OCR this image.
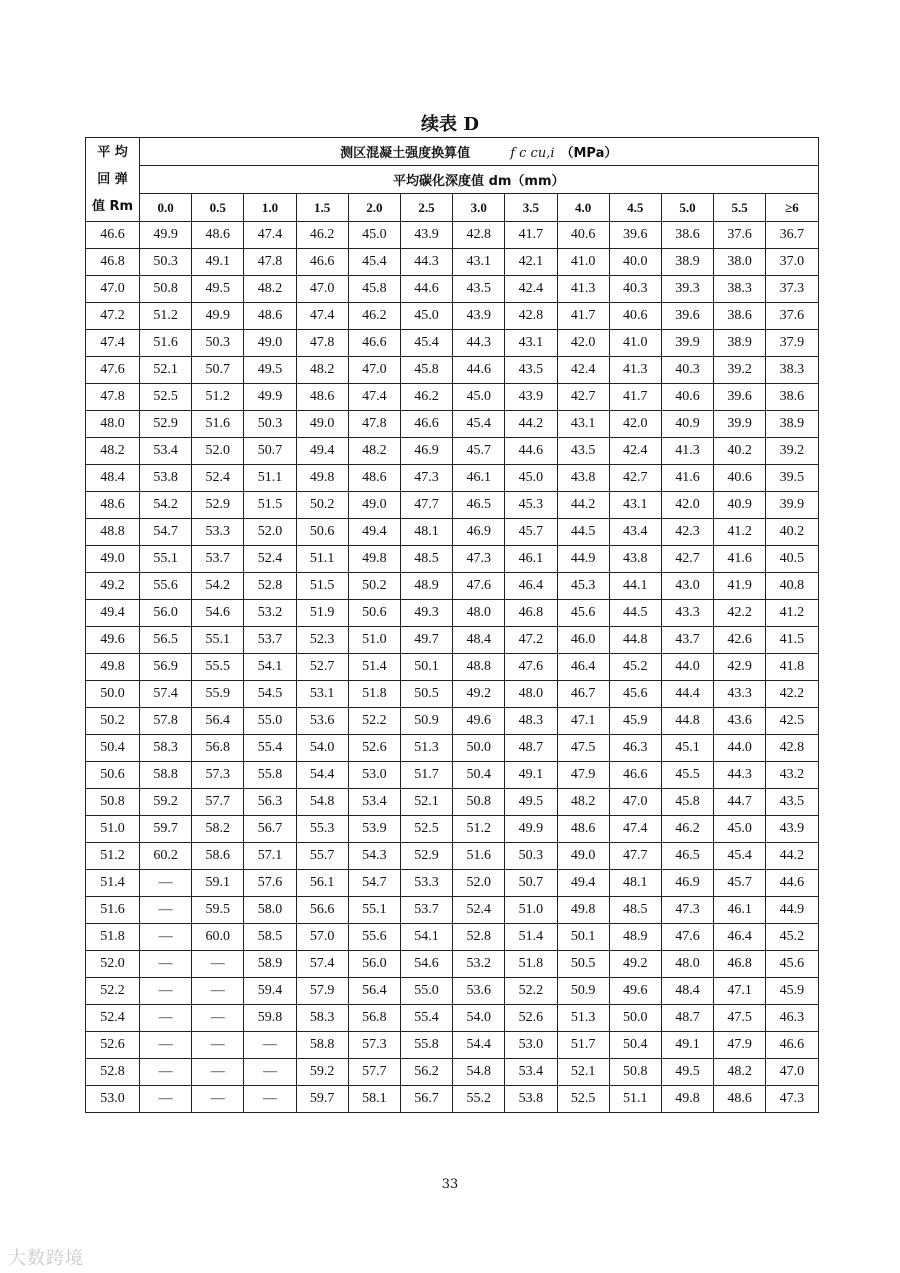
续表 D
平 均
回 弹
值 Rm	测区混凝土强度换算值 f c cu,i （MPa）												
	平均碳化深度值 dm（mm）												
	0.0	0.5	1.0	1.5	2.0	2.5	3.0	3.5	4.0	4.5	5.0	5.5	≥6
46.6	49.9	48.6	47.4	46.2	45.0	43.9	42.8	41.7	40.6	39.6	38.6	37.6	36.7
46.8	50.3	49.1	47.8	46.6	45.4	44.3	43.1	42.1	41.0	40.0	38.9	38.0	37.0
47.0	50.8	49.5	48.2	47.0	45.8	44.6	43.5	42.4	41.3	40.3	39.3	38.3	37.3
47.2	51.2	49.9	48.6	47.4	46.2	45.0	43.9	42.8	41.7	40.6	39.6	38.6	37.6
47.4	51.6	50.3	49.0	47.8	46.6	45.4	44.3	43.1	42.0	41.0	39.9	38.9	37.9
47.6	52.1	50.7	49.5	48.2	47.0	45.8	44.6	43.5	42.4	41.3	40.3	39.2	38.3
47.8	52.5	51.2	49.9	48.6	47.4	46.2	45.0	43.9	42.7	41.7	40.6	39.6	38.6
48.0	52.9	51.6	50.3	49.0	47.8	46.6	45.4	44.2	43.1	42.0	40.9	39.9	38.9
48.2	53.4	52.0	50.7	49.4	48.2	46.9	45.7	44.6	43.5	42.4	41.3	40.2	39.2
48.4	53.8	52.4	51.1	49.8	48.6	47.3	46.1	45.0	43.8	42.7	41.6	40.6	39.5
48.6	54.2	52.9	51.5	50.2	49.0	47.7	46.5	45.3	44.2	43.1	42.0	40.9	39.9
48.8	54.7	53.3	52.0	50.6	49.4	48.1	46.9	45.7	44.5	43.4	42.3	41.2	40.2
49.0	55.1	53.7	52.4	51.1	49.8	48.5	47.3	46.1	44.9	43.8	42.7	41.6	40.5
49.2	55.6	54.2	52.8	51.5	50.2	48.9	47.6	46.4	45.3	44.1	43.0	41.9	40.8
49.4	56.0	54.6	53.2	51.9	50.6	49.3	48.0	46.8	45.6	44.5	43.3	42.2	41.2
49.6	56.5	55.1	53.7	52.3	51.0	49.7	48.4	47.2	46.0	44.8	43.7	42.6	41.5
49.8	56.9	55.5	54.1	52.7	51.4	50.1	48.8	47.6	46.4	45.2	44.0	42.9	41.8
50.0	57.4	55.9	54.5	53.1	51.8	50.5	49.2	48.0	46.7	45.6	44.4	43.3	42.2
50.2	57.8	56.4	55.0	53.6	52.2	50.9	49.6	48.3	47.1	45.9	44.8	43.6	42.5
50.4	58.3	56.8	55.4	54.0	52.6	51.3	50.0	48.7	47.5	46.3	45.1	44.0	42.8
50.6	58.8	57.3	55.8	54.4	53.0	51.7	50.4	49.1	47.9	46.6	45.5	44.3	43.2
50.8	59.2	57.7	56.3	54.8	53.4	52.1	50.8	49.5	48.2	47.0	45.8	44.7	43.5
51.0	59.7	58.2	56.7	55.3	53.9	52.5	51.2	49.9	48.6	47.4	46.2	45.0	43.9
51.2	60.2	58.6	57.1	55.7	54.3	52.9	51.6	50.3	49.0	47.7	46.5	45.4	44.2
51.4	—	59.1	57.6	56.1	54.7	53.3	52.0	50.7	49.4	48.1	46.9	45.7	44.6
51.6	—	59.5	58.0	56.6	55.1	53.7	52.4	51.0	49.8	48.5	47.3	46.1	44.9
51.8	—	60.0	58.5	57.0	55.6	54.1	52.8	51.4	50.1	48.9	47.6	46.4	45.2
52.0	—	—	58.9	57.4	56.0	54.6	53.2	51.8	50.5	49.2	48.0	46.8	45.6
52.2	—	—	59.4	57.9	56.4	55.0	53.6	52.2	50.9	49.6	48.4	47.1	45.9
52.4	—	—	59.8	58.3	56.8	55.4	54.0	52.6	51.3	50.0	48.7	47.5	46.3
52.6	—	—	—	58.8	57.3	55.8	54.4	53.0	51.7	50.4	49.1	47.9	46.6
52.8	—	—	—	59.2	57.7	56.2	54.8	53.4	52.1	50.8	49.5	48.2	47.0
53.0	—	—	—	59.7	58.1	56.7	55.2	53.8	52.5	51.1	49.8	48.6	47.3
33
大数跨境
